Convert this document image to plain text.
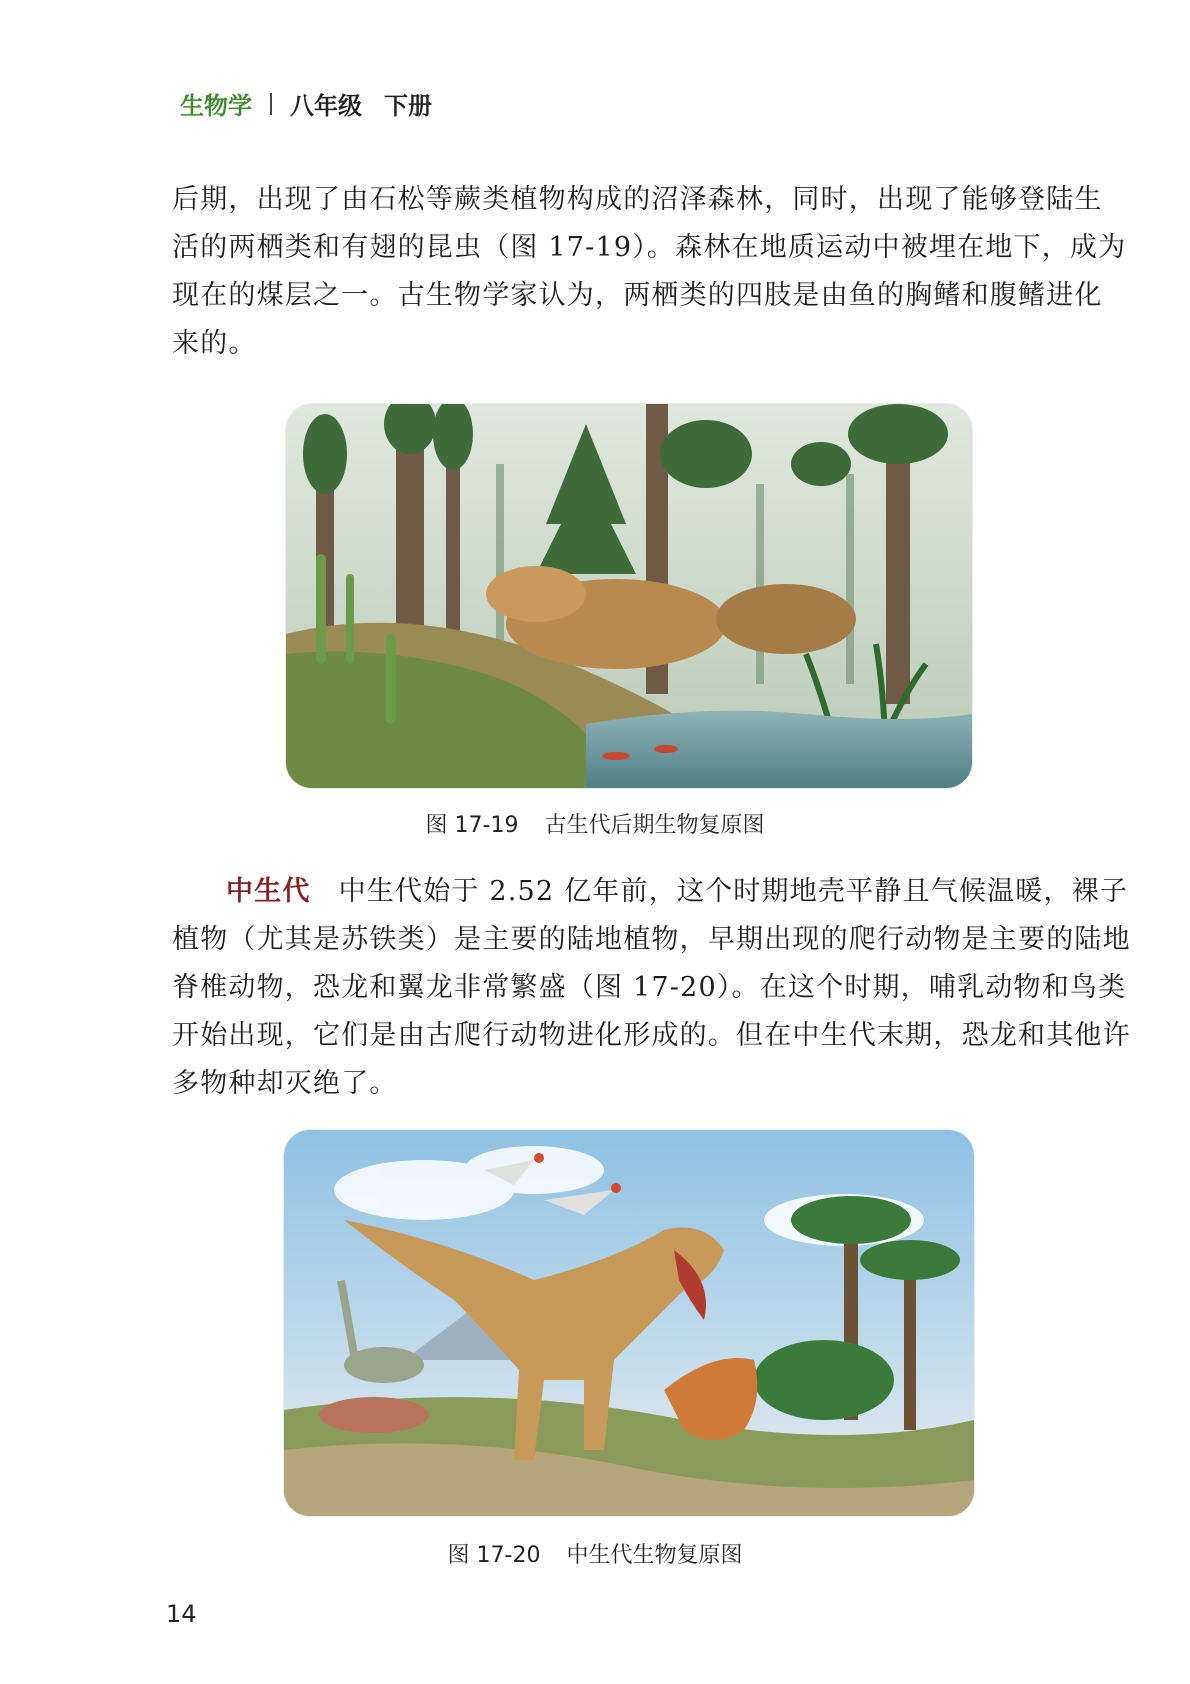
生物学 八年级 下册

后期，出现了由石松等蕨类植物构成的沼泽森林，同时，出现了能够登陆生
活的两栖类和有翅的昆虫（图 17-19）。森林在地质运动中被埋在地下，成为
现在的煤层之一。古生物学家认为，两栖类的四肢是由鱼的胸鳍和腹鳍进化
来的。

图 17-19 古生代后期生物复原图

中生代 中生代始于 2.52 亿年前，这个时期地壳平静且气候温暖，裸子
植物（尤其是苏铁类）是主要的陆地植物，早期出现的爬行动物是主要的陆地
脊椎动物，恐龙和翼龙非常繁盛（图 17-20）。在这个时期，哺乳动物和鸟类
开始出现，它们是由古爬行动物进化形成的。但在中生代末期，恐龙和其他许
多物种却灭绝了。

图 17-20 中生代生物复原图
14
